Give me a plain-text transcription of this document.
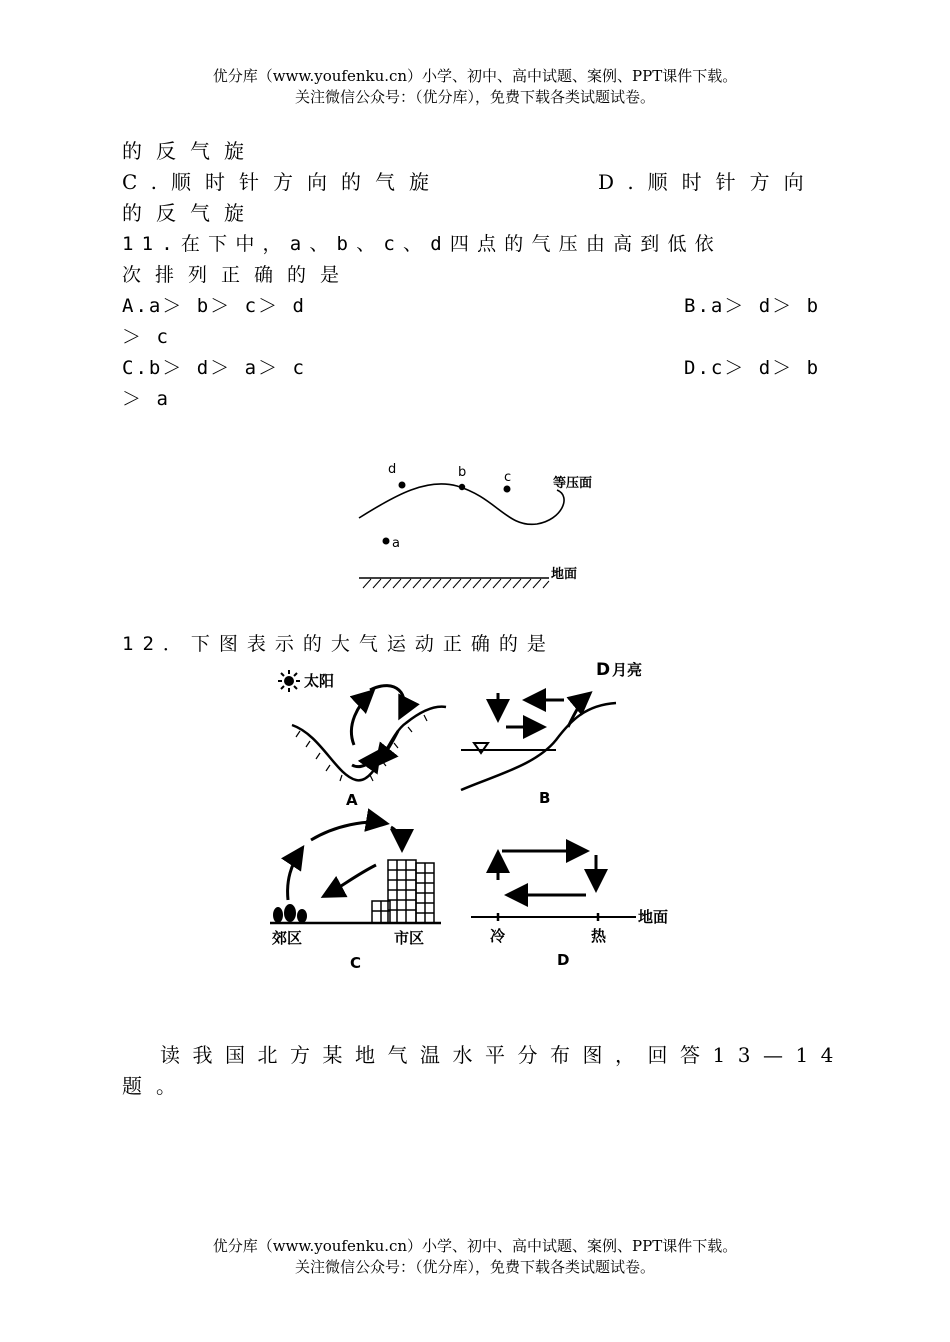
优分库（www.youfenku.cn）小学、初中、高中试题、案例、PPT课件下载。
关注微信公众号：（优分库），免费下载各类试题试卷。
的反气旋
C.顺时针方向的气旋	D.顺时针方向
的反气旋
11.在下中，a、b、c、d四点的气压由高到低依
次排列正确的是
A.a＞ b＞ c＞ d	B.a＞ d＞ b
＞ c
C.b＞ d＞ a＞ c	D.c＞ d＞ b
＞ a
d	b	c
a
等压面
地面
12．下图表示的大气运动正确的是
太阳
A
D 月亮
B
郊区	市区
C
地面
冷	热
D
读我国北方某地气温水平分布图，回答13—14
题。
优分库（www.youfenku.cn）小学、初中、高中试题、案例、PPT课件下载。
关注微信公众号：（优分库），免费下载各类试题试卷。
